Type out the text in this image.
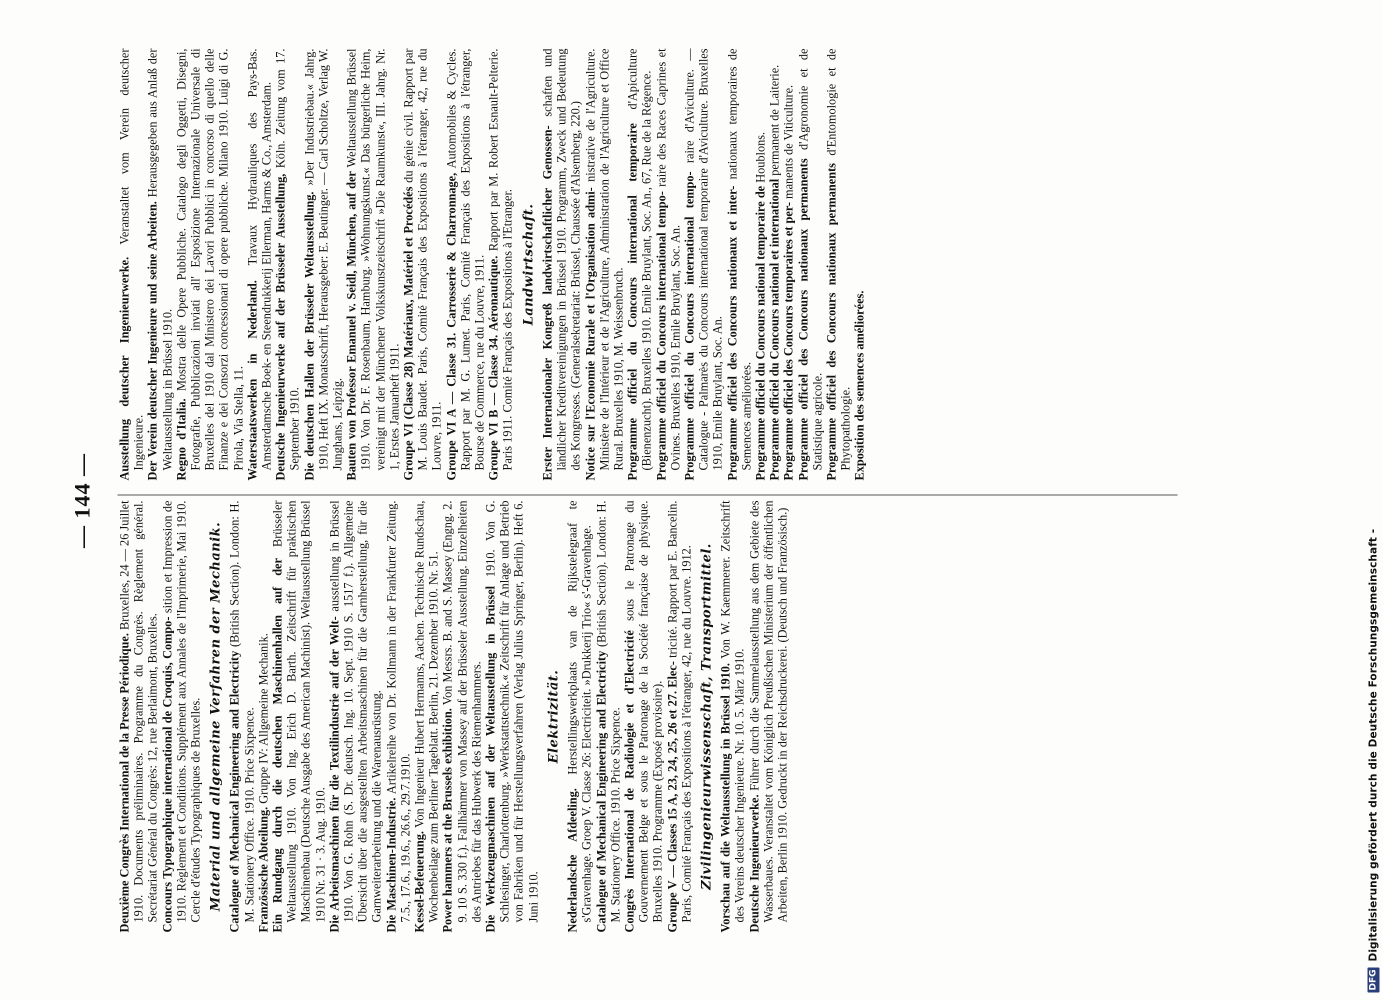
— 144 —

Deuxième Congrès International de la Presse Périodique. Bruxelles, 24 — 26 Juillet 1910. Documents préliminaires. Programme du Congrès. Règlement général. Secrétariat Général du Congrès: 12, rue Berlaimont, Bruxelles. Concours Typographique international de Croquis, Compo- sition et Impression de 1910. Règlement et Conditions. Supplément aux Annales de l'Imprimerie, Mai 1910. Cercle d'études Typographiques de Bruxelles. Material und allgemeine Verfahren der Mechanik. Catalogue of Mechanical Engineering and Electricity (British Section). London: H. M. Stationery Office. 1910. Price Sixpence. Französische Abteilung. Gruppe IV: Allgemeine Mechanik. Ein Rundgang durch die deutschen Maschinenhallen auf der Brüsseler Weltausstellung 1910. Von Ing. Erich D. Barth. Zeitschrift für praktischen Maschinenbau (Deutsche Ausgabe des American Machinist). Weltausstellung Brüssel 1910 Nr. 31 · 3. Aug. 1910. Die Arbeitsmaschinen für die Textilindustrie auf der Welt- ausstellung in Brüssel 1910. Von G. Rohn (S. Dr. deutsch. Ing. 10. Sept. 1910 S. 1517 f.). Allgemeine Übersicht über die ausgestellten Arbeitsmaschinen für die Garnherstellung, für die Garnweiterarbeitung und die Warenausrüstung. Die Maschinen-Industrie. Artikelreihe von Dr. Kollmann in der Frankfurter Zeitung. 7.5., 17.6., 19.6., 26.6., 29.7.1910. Kessel-Befeuerung. Von Ingenieur Hubert Hermanns, Aachen. Technische Rundschau, Wochenbeilage zum Berliner Tageblatt. Berlin, 21. Dezember 1910. Nr. 51. Power hammers at the Brussels exhibition. Von Messrs. B. and S. Massey (Engng. 2. 9. 10 S. 330 f.). Fallhämmer von Massey auf der Brüsseler Ausstellung. Einzelheiten des Antriebes für das Hubwerk des Riemenhammers. Die Werkzeugmaschinen auf der Weltausstellung in Brüssel 1910. Von G. Schlesinger, Charlottenburg. »Werkstattstechnik.« Zeitschrift für Anlage und Betrieb von Fabriken und für Herstellungsverfahren (Verlag Julius Springer, Berlin). Heft 6. Juni 1910.

Elektrizität.

Nederlandsche Afdeeling. Herstellingswerkplaats van de Rijkstelegraaf te s'Gravenhage. Groep V. Classe 26: Electriciteit. »Drukkerij Trio« s'-Gravenhage. Catalogue of Mechanical Engineering and Electricity (British Section). London: H. M. Stationery Office. 1910. Price Sixpence. Congrès International de Radiologie et d'Electricité sous le Patronage du Gouvernement Belge et sous le Patronage de la Société française de physique. Bruxelles 1910. Programme (Exposé provisoire). Groupe V — Classes 15 A, 23, 24, 25, 26 et 27. Elec- tricité. Rapport par E. Bancelin. Paris, Comité Français des Expositions à l'étranger, 42, rue du Louvre. 1912. Zivilingenieurwissenschaft, Transportmittel. Vorschau auf die Weltausstellung in Brüssel 1910. Von W. Kaemmerer. Zeitschrift des Vereins deutscher Ingenieure. Nr. 10. 5. März 1910. Deutsche Ingenieurwerke. Führer durch die Sammelausstellung aus dem Gebiete des Wasserbaues. Veranstaltet vom Königlich Preußischen Ministerium der öffentlichen Arbeiten, Berlin 1910. Gedruckt in der Reichsdruckerei. (Deutsch und Französisch.)

Ausstellung deutscher Ingenieurwerke. Veranstaltet vom Verein deutscher Ingenieure. Der Verein deutscher Ingenieure und seine Arbeiten. Herausgegeben aus Anlaß der Weltausstellung in Brüssel 1910. Regno d'Italia. Mostra delle Opere Pubbliche. Catalogo degli Oggetti, Disegni, Fotografie, Pubblicazioni inviati all' Esposizione Internazionale Universale di Bruxelles del 1910 dal Ministero dei Lavori Pubblici in concorso di quello delle Finanze e dei Consorzi concessionari di opere pubbliche. Milano 1910. Luigi di G. Pirola, Via Stella, 11. Waterstaatswerken in Nederland. Travaux Hydrauliques des Pays-Bas. Amsterdamsche Boek- en Steendrukkerij Ellerman, Harms & Co., Amsterdam. Deutsche Ingenieurwerke auf der Brüsseler Ausstellung, Köln. Zeitung vom 17. September 1910. Die deutschen Hallen der Brüsseler Weltausstellung. »Der Industriebau.« Jahrg. 1910, Heft IX. Monatsschrift, Herausgeber: E. Beutinger. — Carl Scholtze, Verlag W. Junghans, Leipzig. Bauten von Professor Emanuel v. Seidl, München, auf der Weltausstellung Brüssel 1910. Von Dr. F. Rosenbaum, Hamburg. »Wohnungskunst.« Das bürgerliche Heim, vereinigt mit der Münchener Volkskunstzeitschrift »Die Raumkunst«, III. Jahrg. Nr. 1, Erstes Januarheft 1911. Groupe VI (Classe 28) Matériaux, Matériel et Procédés du génie civil. Rapport par M. Louis Baudet. Paris, Comité Français des Expositions à l'étranger, 42, rue du Louvre, 1911. Groupe VI A — Classe 31. Carrosserie & Charronnage, Automobiles & Cycles. Rapport par M. G. Lumet. Paris, Comité Français des Expositions à l'étranger, Bourse de Commerce, rue du Louvre, 1911. Groupe VI B — Classe 34. Aéronautique. Rapport par M. Robert Esnault-Pelterie. Paris 1911. Comité Français des Expositions à l'Etranger. Landwirtschaft. Erster Internationaler Kongreß landwirtschaftlicher Genossen- schaften und ländlicher Kreditvereinigungen in Brüssel 1910. Programm, Zweck und Bedeutung des Kongresses. (Generalsekretariat: Brüssel, Chaussée d'Alsemberg, 220.) Notice sur l'Economie Rurale et l'Organisation admi- nistrative de l'Agriculture. Ministère de l'Intérieur et de l'Agriculture, Administration de l'Agriculture et Office Rural. Bruxelles 1910, M. Weissenbruch. Programme officiel du Concours international temporaire d'Apiculture (Bienenzucht). Bruxelles 1910. Emile Bruylant, Soc. An., 67, Rue de la Régence. Programme officiel du Concours international tempo- raire des Races Caprines et Ovines. Bruxelles 1910, Emile Bruylant, Soc. An. Programme officiel du Concours international tempo- raire d'Aviculture. — Catalogue - Palmarès du Concours international temporaire d'Aviculture. Bruxelles 1910, Emile Bruylant, Soc. An. Programme officiel des Concours nationaux et inter- nationaux temporaires de Semences améliorées. Programme officiel du Concours national temporaire de Houblons.

Programme officiel du Concours national et international permanent de Laiterie.

Programme officiel des Concours temporaires et per- manents de Viticulture.

Programme officiel des Concours nationaux permanents d'Agronomie et de Statistique agricole. Programme officiel des Concours nationaux permanents d'Entomologie et de Phytopathologie. Exposition des semences améliorées.

DFG
Digitalisierung gefördert durch die Deutsche Forschungsgemeinschaft -
